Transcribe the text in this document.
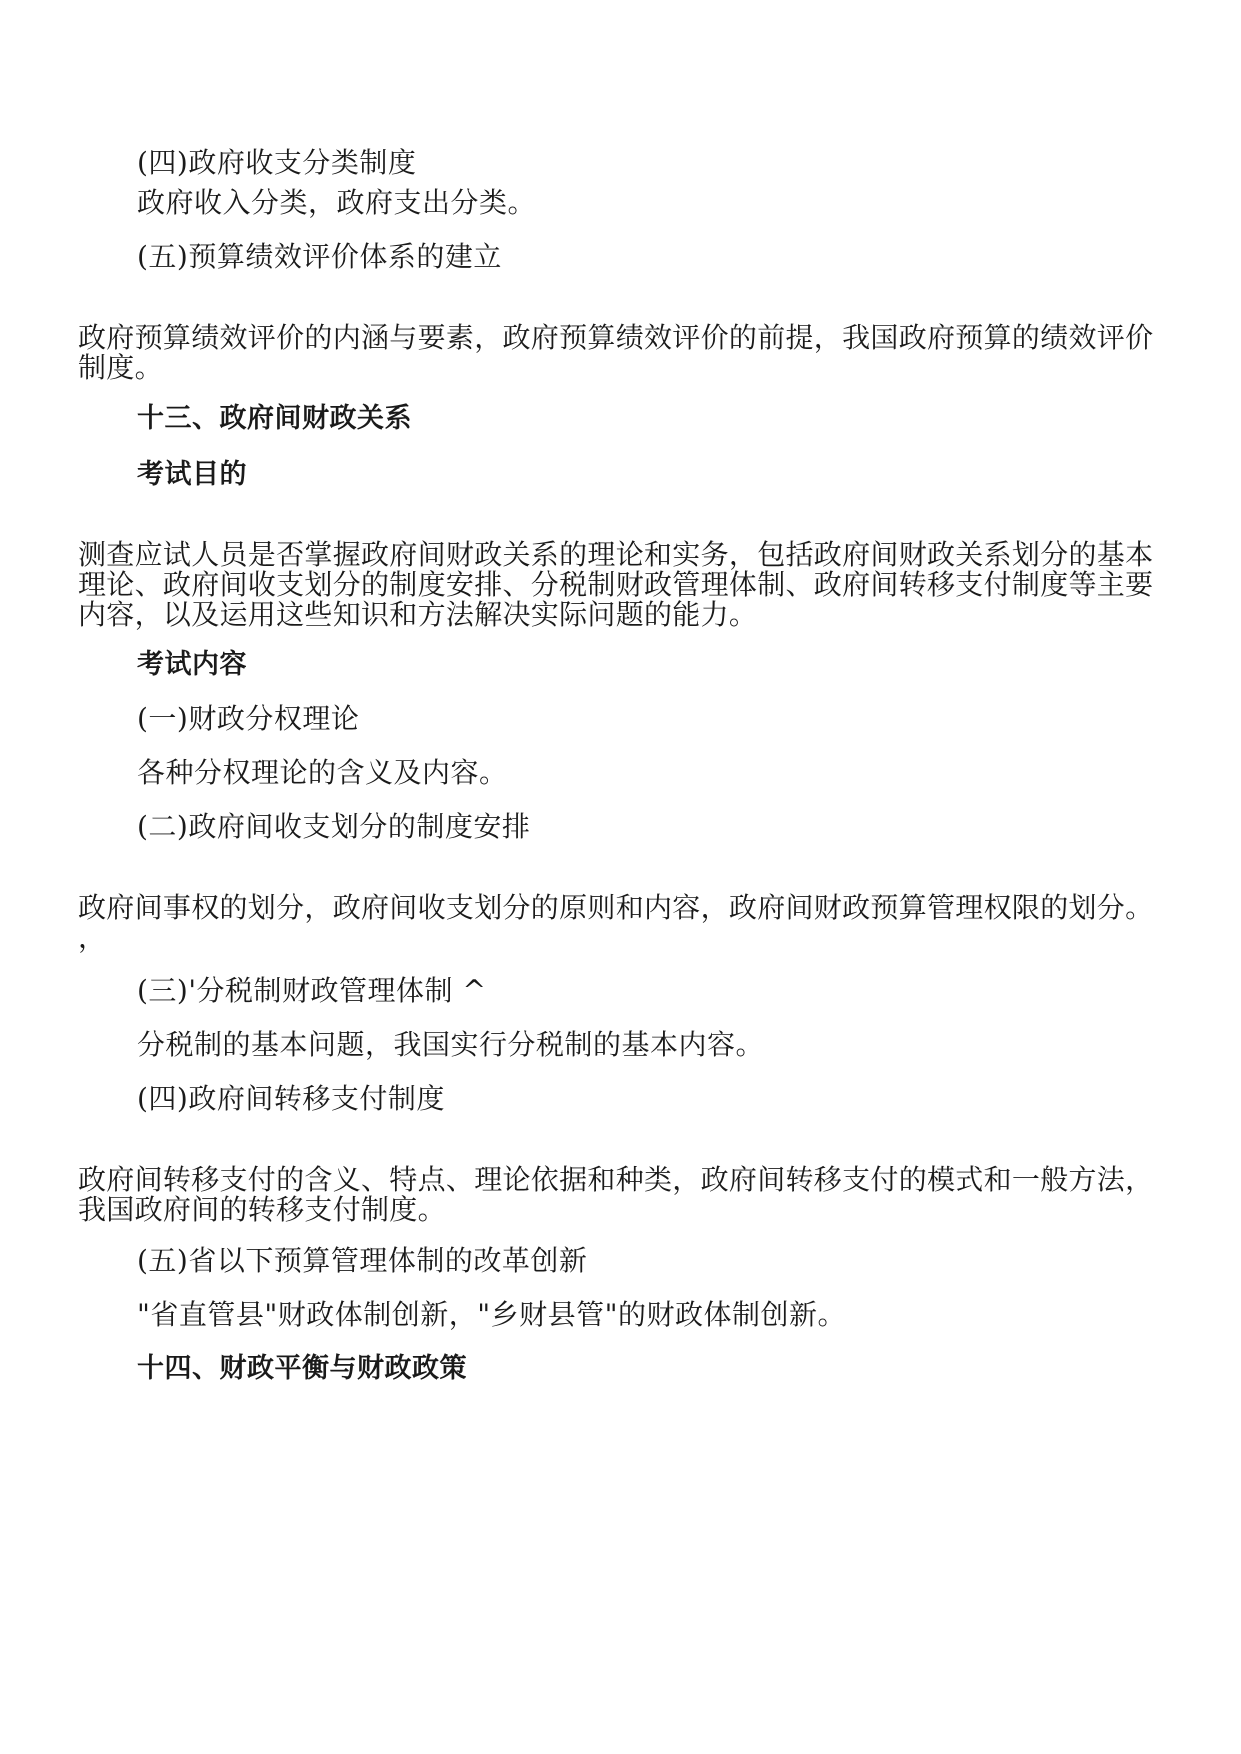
(四)政府收支分类制度

政府收入分类，政府支出分类。

(五)预算绩效评价体系的建立

政府预算绩效评价的内涵与要素，政府预算绩效评价的前提，我国政府预算的绩效评价
制度。

十三、政府间财政关系

考试目的

测查应试人员是否掌握政府间财政关系的理论和实务，包括政府间财政关系划分的基本
理论、政府间收支划分的制度安排、分税制财政管理体制、政府间转移支付制度等主要
内容，以及运用这些知识和方法解决实际问题的能力。

考试内容

(一)财政分权理论

各种分权理论的含义及内容。

(二)政府间收支划分的制度安排

政府间事权的划分，政府间收支划分的原则和内容，政府间财政预算管理权限的划分。
，

(三)'分税制财政管理体制 ^

分税制的基本问题，我国实行分税制的基本内容。

(四)政府间转移支付制度

政府间转移支付的含义、特点、理论依据和种类，政府间转移支付的模式和一般方法，
我国政府间的转移支付制度。

(五)省以下预算管理体制的改革创新

"省直管县"财政体制创新，"乡财县管"的财政体制创新。

十四、财政平衡与财政政策
